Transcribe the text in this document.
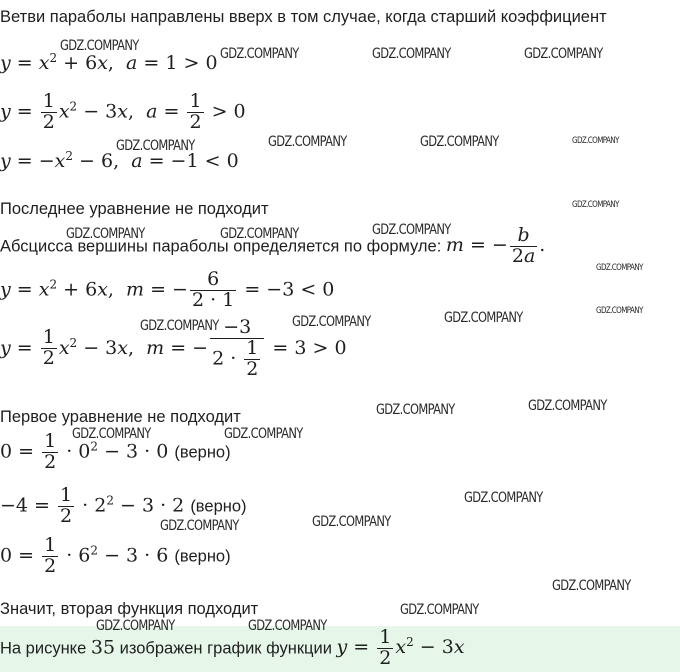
Ветви параболы направлены вверх в том случае, когда старший коэффициент
$y = x^2 + 6x$,  a = 1 > 0
$y = \frac{1}{2} x^2 - 3x$,  $a = \frac{1}{2} > 0$
$y = -x^2 - 6$,  a = −1 < 0
Последнее уравнение не подходит
Абсцисса вершины параболы определяется по формуле: m = − $\frac{b}{2a}$ .
$y = x^2 + 6x$,  m = − $\frac{6}{2 \cdot 1} = -3 < 0$
$y = \frac{1}{2} x^2 - 3x$,  m = − $\frac{-3}{2 \cdot \frac{1}{2}} = 3 > 0$
Первое уравнение не подходит
$0 = \frac{1}{2} \cdot 0^2 - 3 \cdot 0$ (верно)
$-4 = \frac{1}{2} \cdot 2^2 - 3 \cdot 2$ (верно)
$0 = \frac{1}{2} \cdot 6^2 - 3 \cdot 6$ (верно)
Значит, вторая функция подходит
На рисунке 35 изображен график функции $y = \frac{1}{2} x^2 - 3x$
GDZ.COMPANY	GDZ.COMPANY	GDZ.COMPANY	GDZ.COMPANY
GDZ.COMPANY	GDZ.COMPANY	GDZ.COMPANY	GDZ.COMPANY
GDZ.COMPANY
GDZ.COMPANY	GDZ.COMPANY	GDZ.COMPANY
GDZ.COMPANY
GDZ.COMPANY
GDZ.COMPANY	GDZ.COMPANY	GDZ.COMPANY
GDZ.COMPANY	GDZ.COMPANY
GDZ.COMPANY	GDZ.COMPANY
GDZ.COMPANY
GDZ.COMPANY	GDZ.COMPANY
GDZ.COMPANY
GDZ.COMPANY
GDZ.COMPANY	GDZ.COMPANY
